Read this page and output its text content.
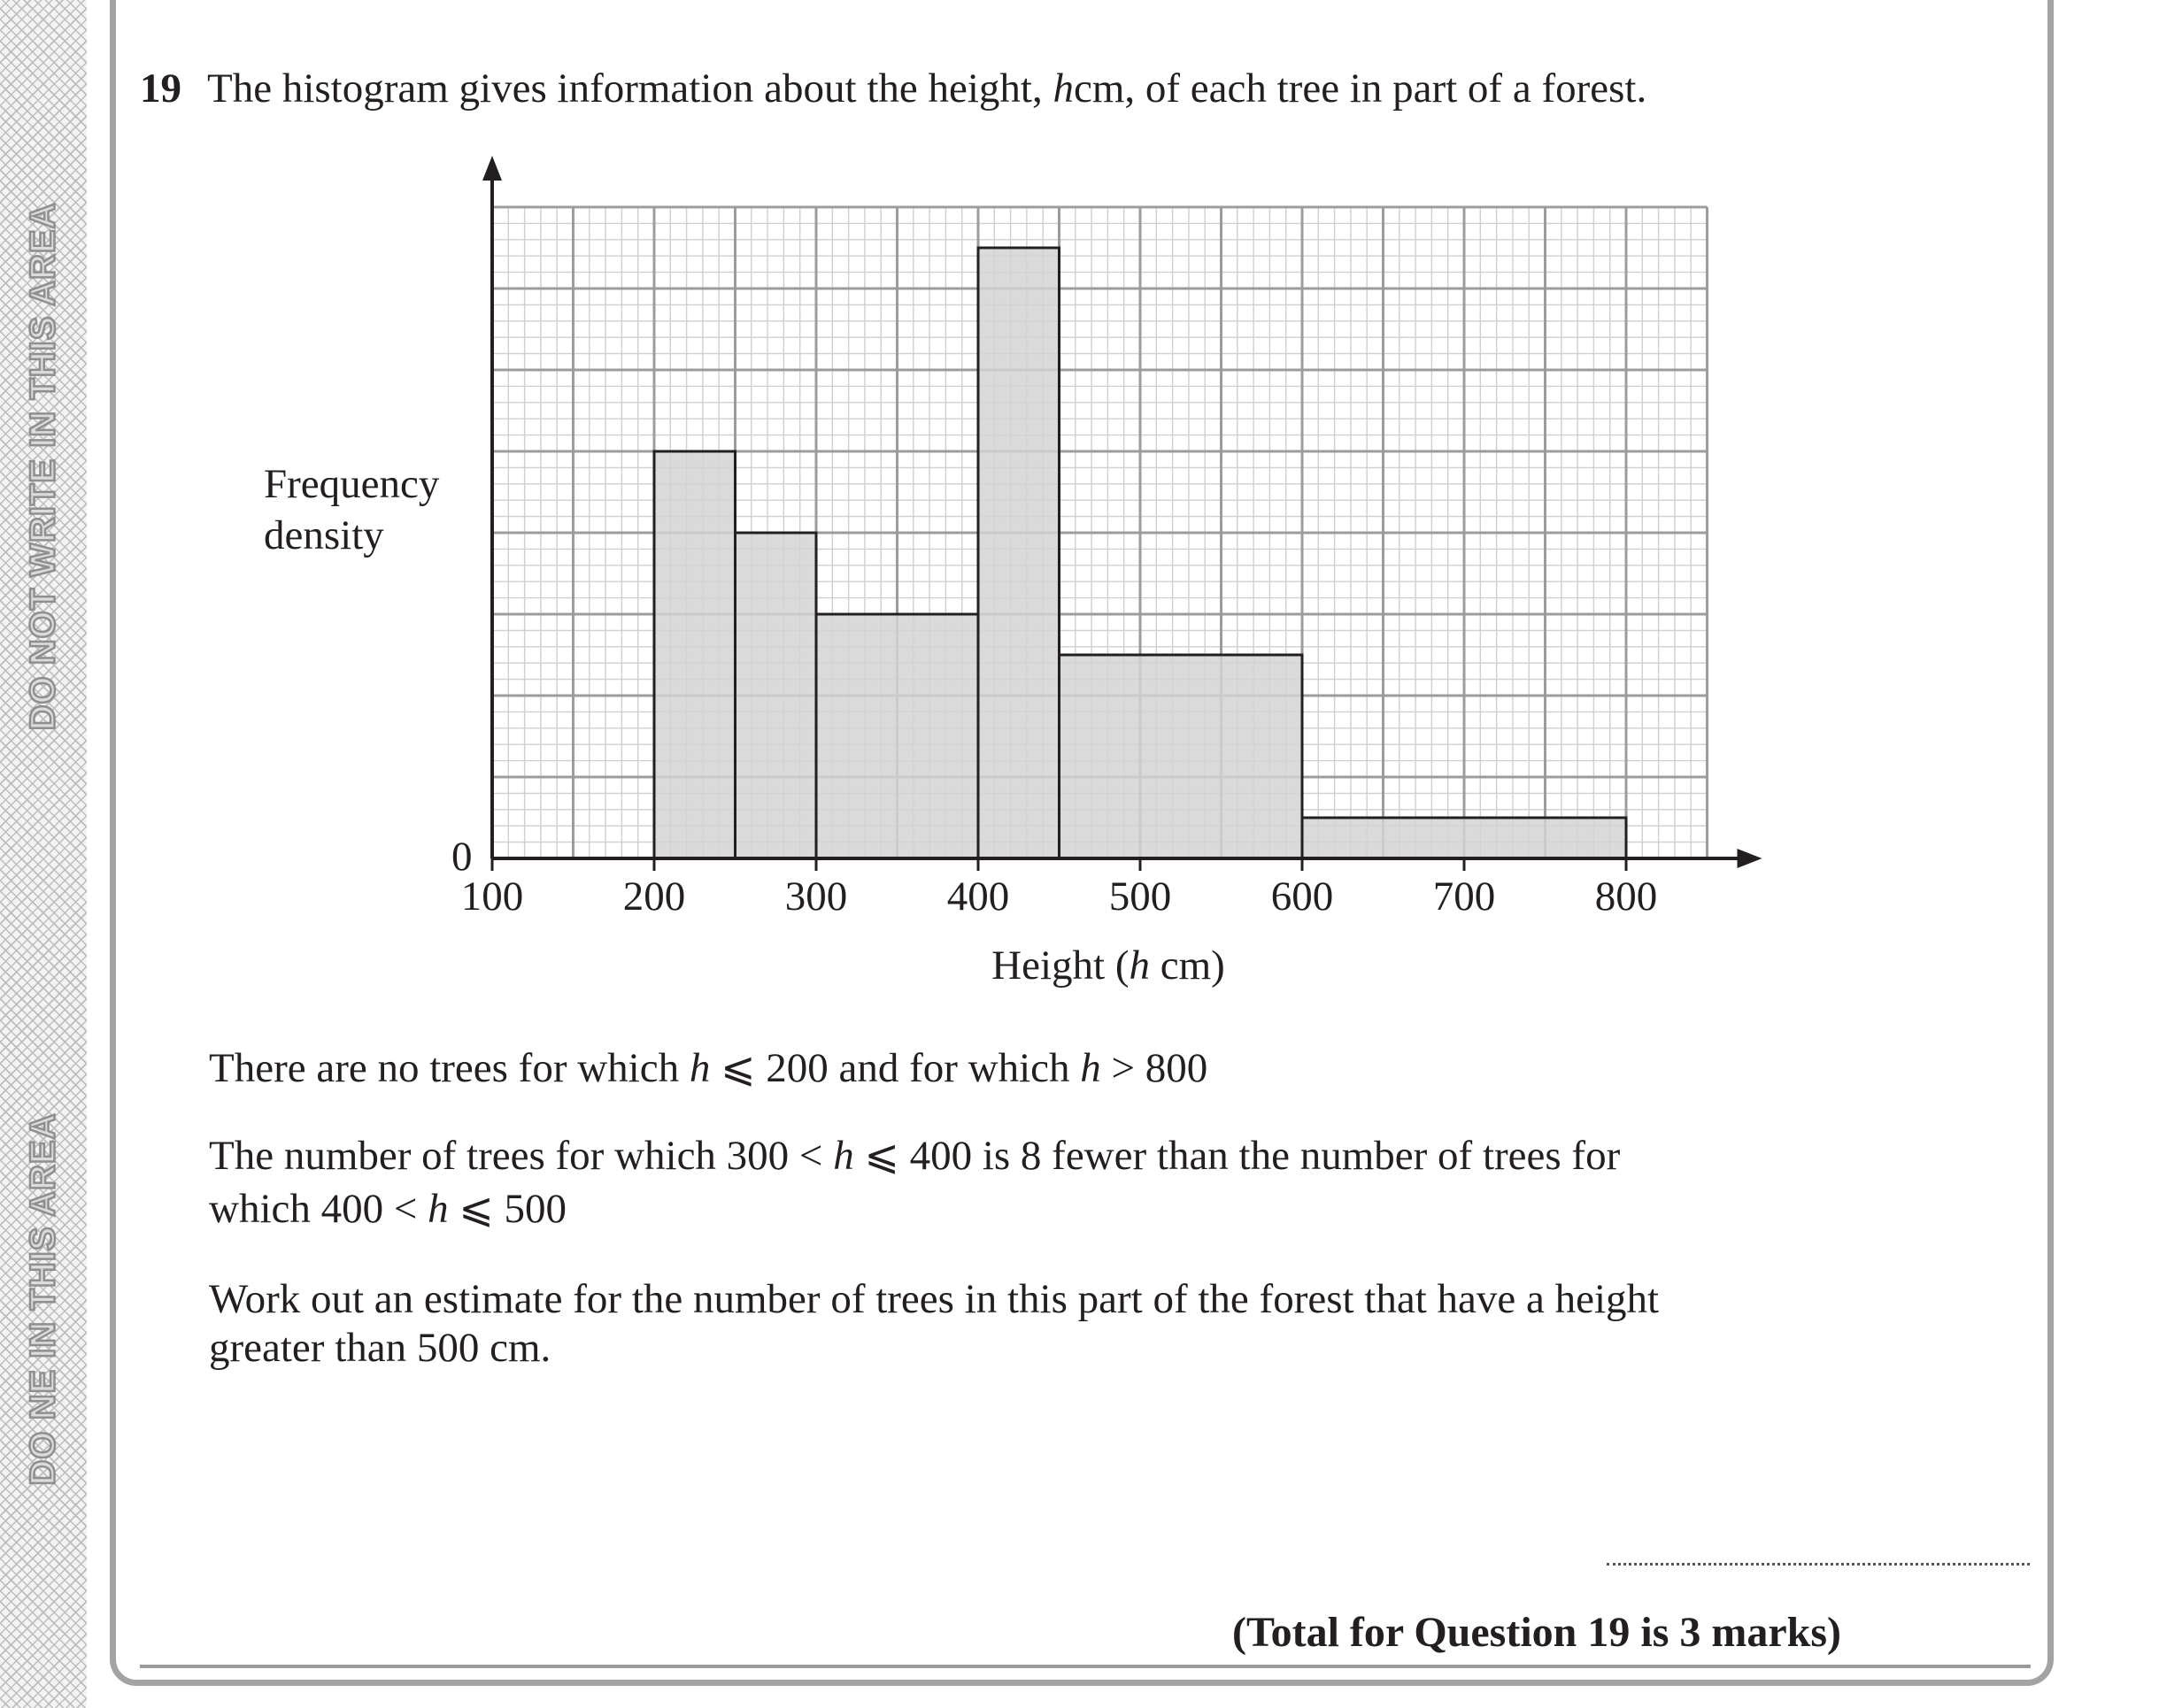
DO NOT WRITE IN THIS AREA
DO NE IN THIS AREA
19 The histogram gives information about the height, hcm, of each tree in part of a forest.
100 200 300 400 500 600 700 800
Frequency
density
0
Height (h cm)
There are no trees for which h ⩽ 200 and for which h > 800
The number of trees for which 300 < h ⩽ 400 is 8 fewer than the number of trees for
which 400 < h ⩽ 500
Work out an estimate for the number of trees in this part of the forest that have a height
greater than 500 cm.
(Total for Question 19 is 3 marks)
